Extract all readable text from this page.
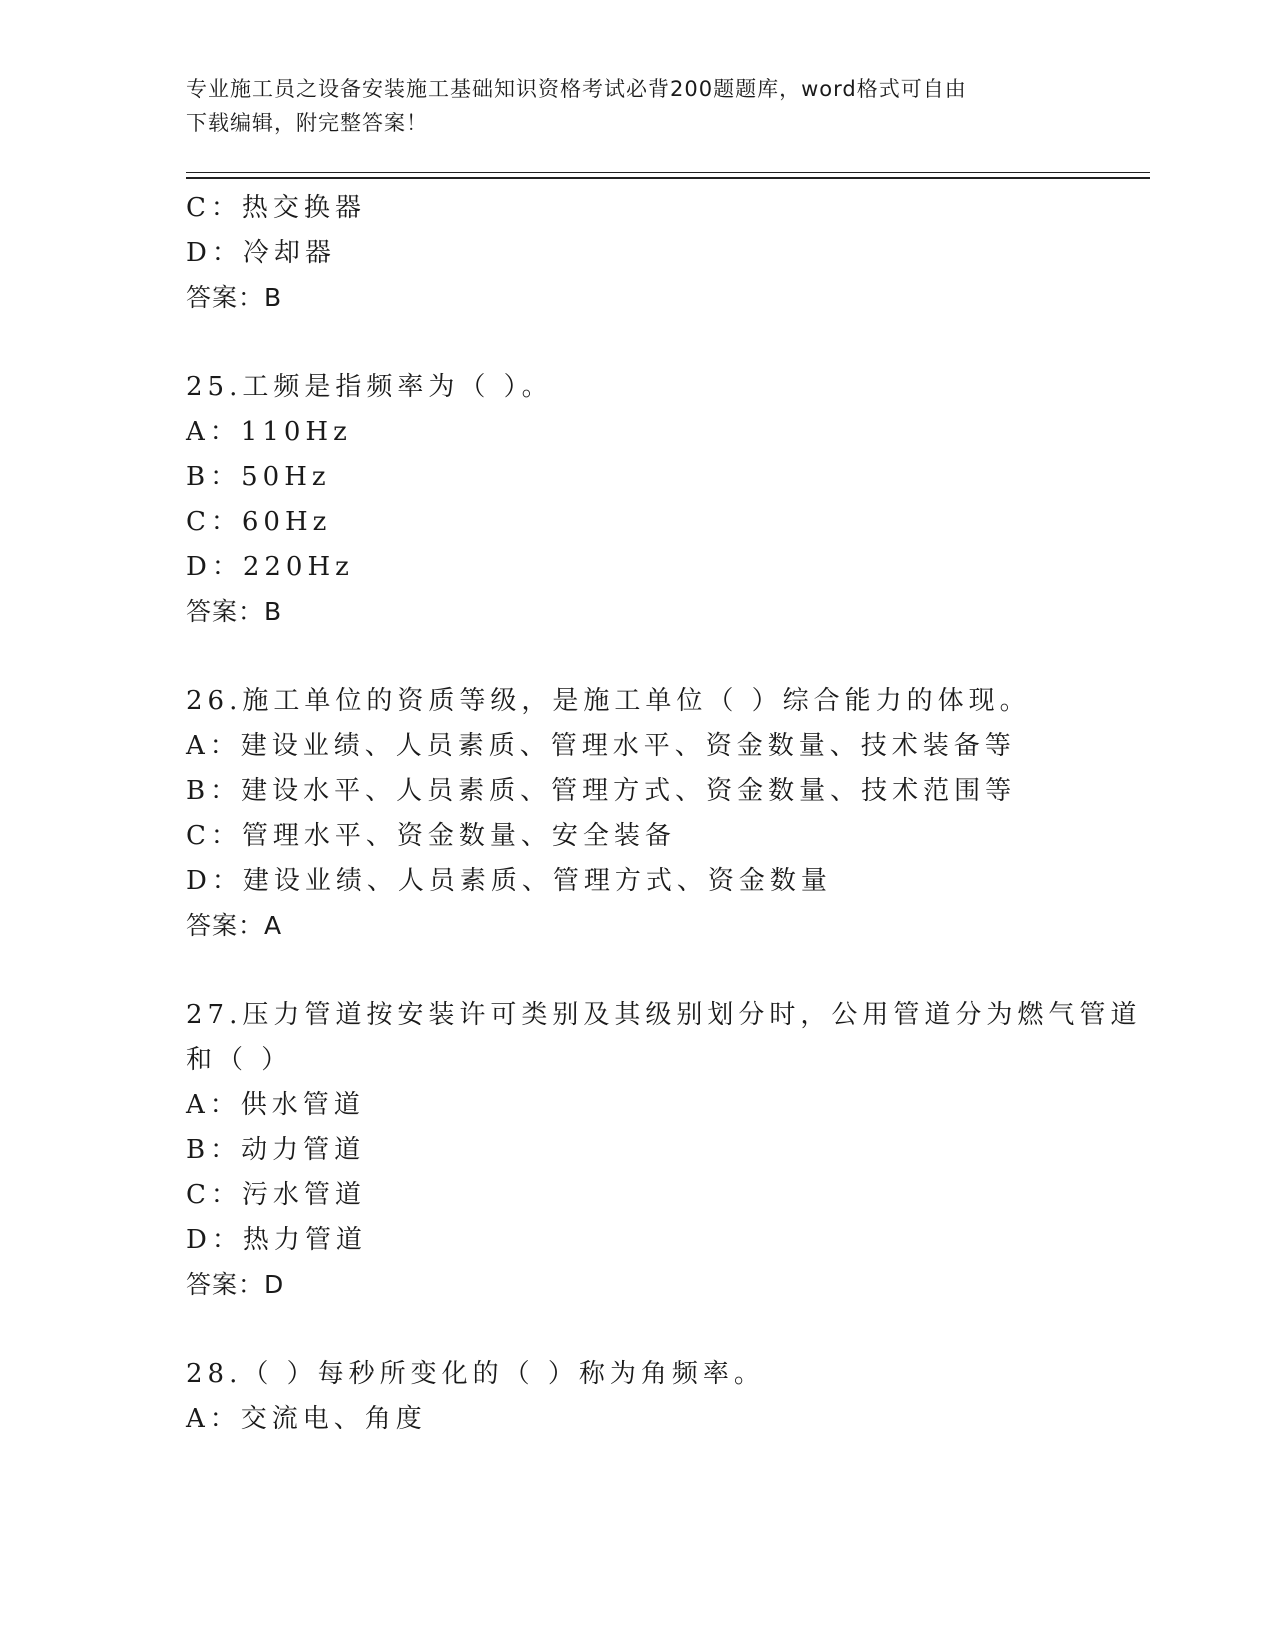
专业施工员之设备安装施工基础知识资格考试必背200题题库，word格式可自由
下载编辑，附完整答案！
C：热交换器
D：冷却器
答案：B
25.工频是指频率为（ ）。
A：110Hz
B：50Hz
C：60Hz
D：220Hz
答案：B
26.施工单位的资质等级，是施工单位（ ）综合能力的体现。
A：建设业绩、人员素质、管理水平、资金数量、技术装备等
B：建设水平、人员素质、管理方式、资金数量、技术范围等
C：管理水平、资金数量、安全装备
D：建设业绩、人员素质、管理方式、资金数量
答案：A
27.压力管道按安装许可类别及其级别划分时，公用管道分为燃气管道
和（ ）
A：供水管道
B：动力管道
C：污水管道
D：热力管道
答案：D
28.（ ）每秒所变化的（ ）称为角频率。
A：交流电、角度
